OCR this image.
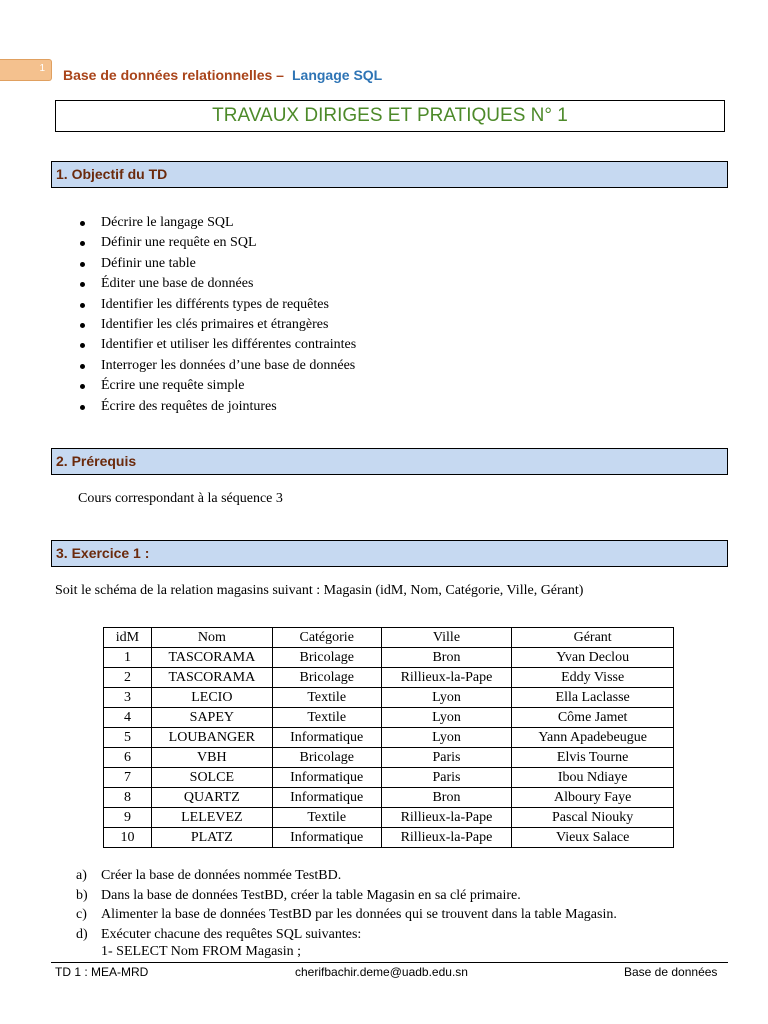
1 Base de données relationnelles – Langage SQL
TRAVAUX DIRIGES ET PRATIQUES N° 1
1. Objectif du TD
Décrire le langage SQL
Définir une requête en SQL
Définir une table
Éditer une base de données
Identifier les différents types de requêtes
Identifier les clés primaires et étrangères
Identifier et utiliser les différentes contraintes
Interroger les données d’une base de données
Écrire une requête simple
Écrire des requêtes de jointures
2. Prérequis
Cours correspondant à la séquence 3
3. Exercice 1 :
Soit le schéma de la relation magasins suivant : Magasin (idM, Nom, Catégorie, Ville, Gérant)
idM	Nom	Catégorie	Ville	Gérant
1	TASCORAMA	Bricolage	Bron	Yvan Declou
2	TASCORAMA	Bricolage	Rillieux-la-Pape	Eddy Visse
3	LECIO	Textile	Lyon	Ella Laclasse
4	SAPEY	Textile	Lyon	Côme Jamet
5	LOUBANGER	Informatique	Lyon	Yann Apadebeugue
6	VBH	Bricolage	Paris	Elvis Tourne
7	SOLCE	Informatique	Paris	Ibou Ndiaye
8	QUARTZ	Informatique	Bron	Alboury Faye
9	LELEVEZ	Textile	Rillieux-la-Pape	Pascal Niouky
10	PLATZ	Informatique	Rillieux-la-Pape	Vieux Salace
a) Créer la base de données nommée TestBD.
b) Dans la base de données TestBD, créer la table Magasin en sa clé primaire.
c) Alimenter la base de données TestBD par les données qui se trouvent dans la table Magasin.
d) Exécuter chacune des requêtes SQL suivantes:
1- SELECT Nom FROM Magasin ;
TD 1 : MEA-MRD	cherifbachir.deme@uadb.edu.sn	Base de données
